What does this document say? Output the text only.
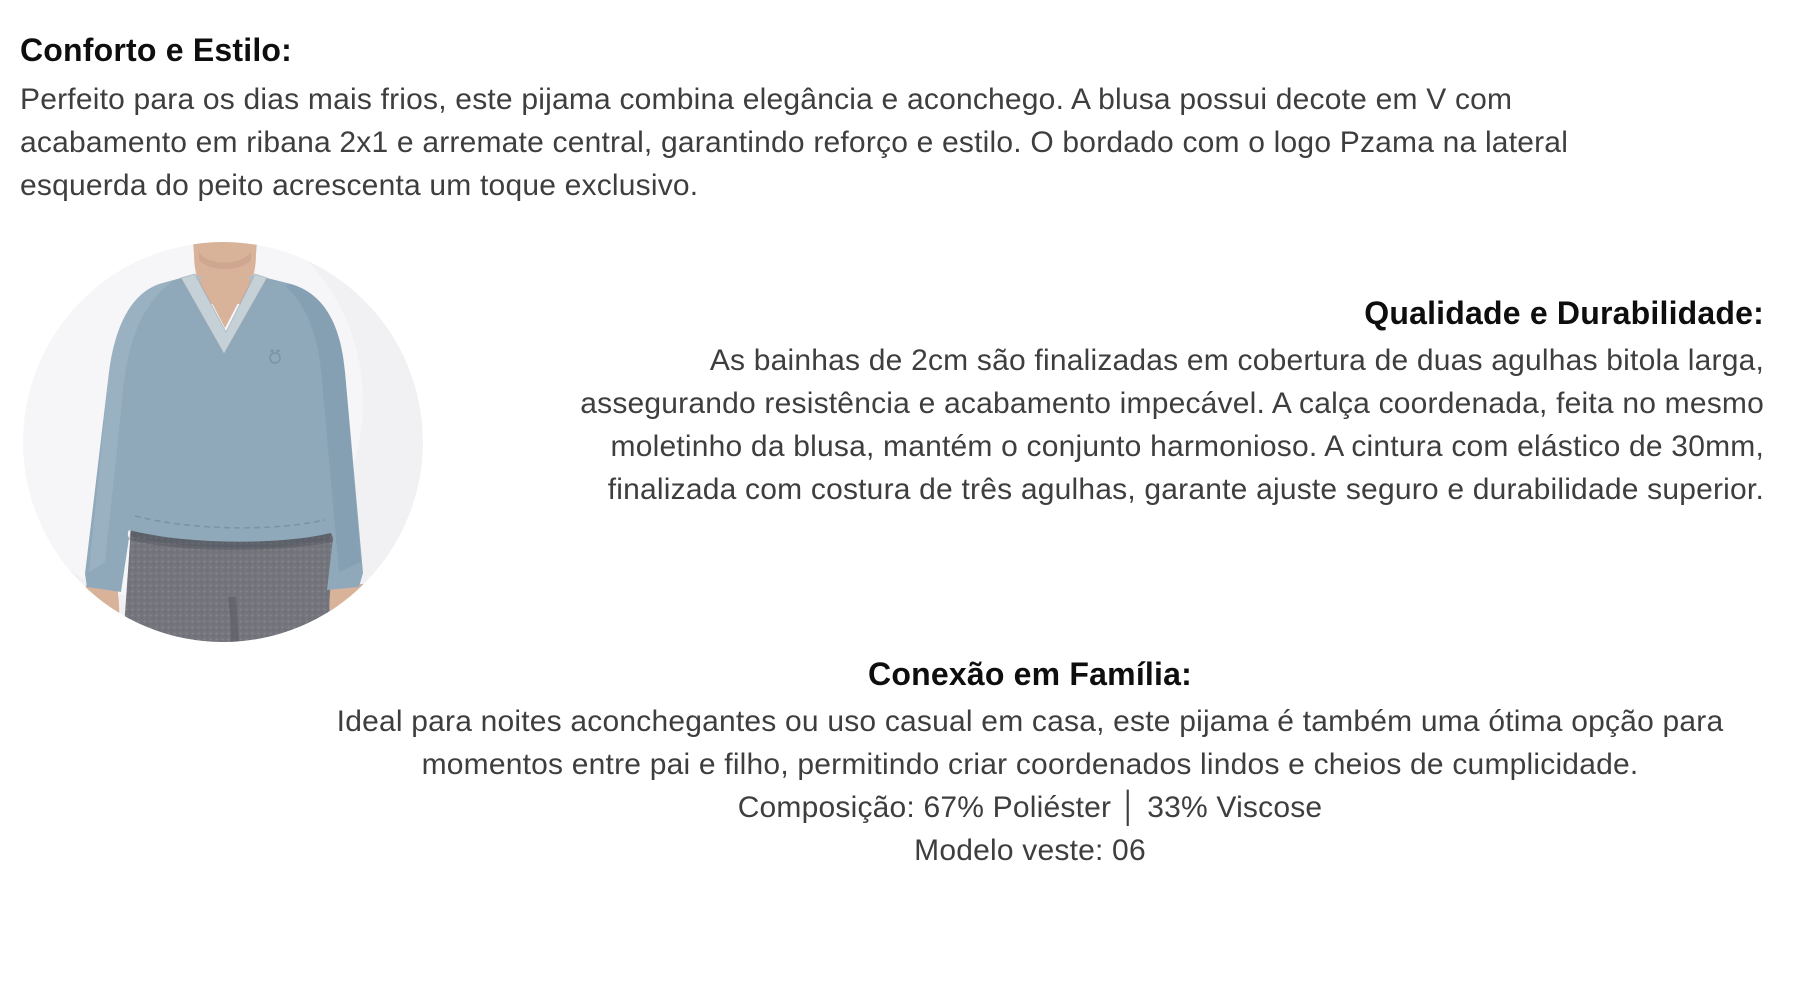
Conforto e Estilo:
Perfeito para os dias mais frios, este pijama combina elegância e aconchego. A blusa possui decote em V com
acabamento em ribana 2x1 e arremate central, garantindo reforço e estilo. O bordado com o logo Pzama na lateral
esquerda do peito acrescenta um toque exclusivo.
Qualidade e Durabilidade:
As bainhas de 2cm são finalizadas em cobertura de duas agulhas bitola larga,
assegurando resistência e acabamento impecável. A calça coordenada, feita no mesmo
moletinho da blusa, mantém o conjunto harmonioso. A cintura com elástico de 30mm,
finalizada com costura de três agulhas, garante ajuste seguro e durabilidade superior.
Conexão em Família:
Ideal para noites aconchegantes ou uso casual em casa, este pijama é também uma ótima opção para
momentos entre pai e filho, permitindo criar coordenados lindos e cheios de cumplicidade.
Composição: 67% Poliéster │ 33% Viscose
Modelo veste: 06
